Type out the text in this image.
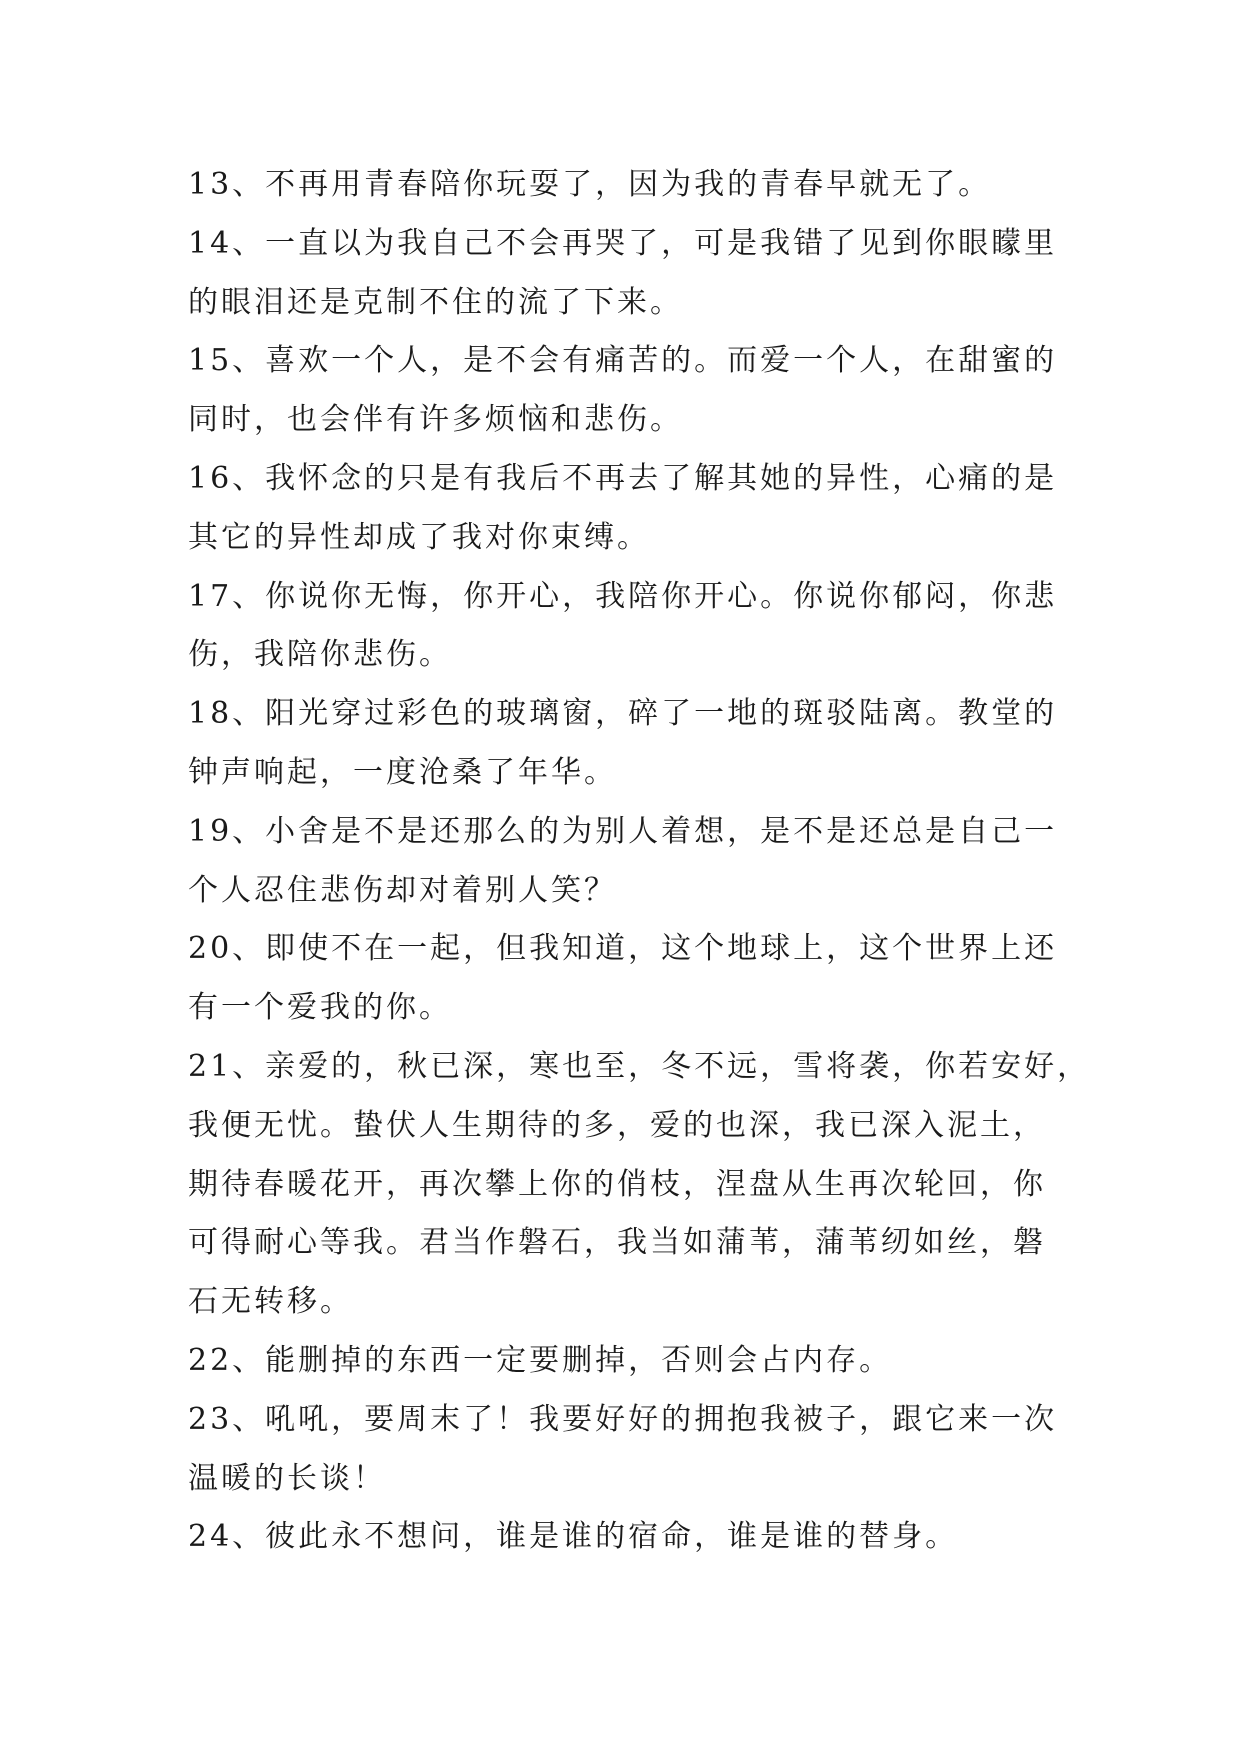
13、不再用青春陪你玩耍了，因为我的青春早就无了。
14、一直以为我自己不会再哭了，可是我错了见到你眼矇里
的眼泪还是克制不住的流了下来。
15、喜欢一个人，是不会有痛苦的。而爱一个人，在甜蜜的
同时，也会伴有许多烦恼和悲伤。
16、我怀念的只是有我后不再去了解其她的异性，心痛的是
其它的异性却成了我对你束缚。
17、你说你无悔，你开心，我陪你开心。你说你郁闷，你悲
伤，我陪你悲伤。
18、阳光穿过彩色的玻璃窗，碎了一地的斑驳陆离。教堂的
钟声响起，一度沧桑了年华。
19、小舍是不是还那么的为别人着想，是不是还总是自己一
个人忍住悲伤却对着别人笑？
20、即使不在一起，但我知道，这个地球上，这个世界上还
有一个爱我的你。
21、亲爱的，秋已深，寒也至，冬不远，雪将袭，你若安好，
我便无忧。蛰伏人生期待的多，爱的也深，我已深入泥土，
期待春暖花开，再次攀上你的俏枝，涅盘从生再次轮回，你
可得耐心等我。君当作磐石，我当如蒲苇，蒲苇纫如丝，磐
石无转移。
22、能删掉的东西一定要删掉，否则会占内存。
23、吼吼，要周末了！我要好好的拥抱我被子，跟它来一次
温暖的长谈！
24、彼此永不想问，谁是谁的宿命，谁是谁的替身。
